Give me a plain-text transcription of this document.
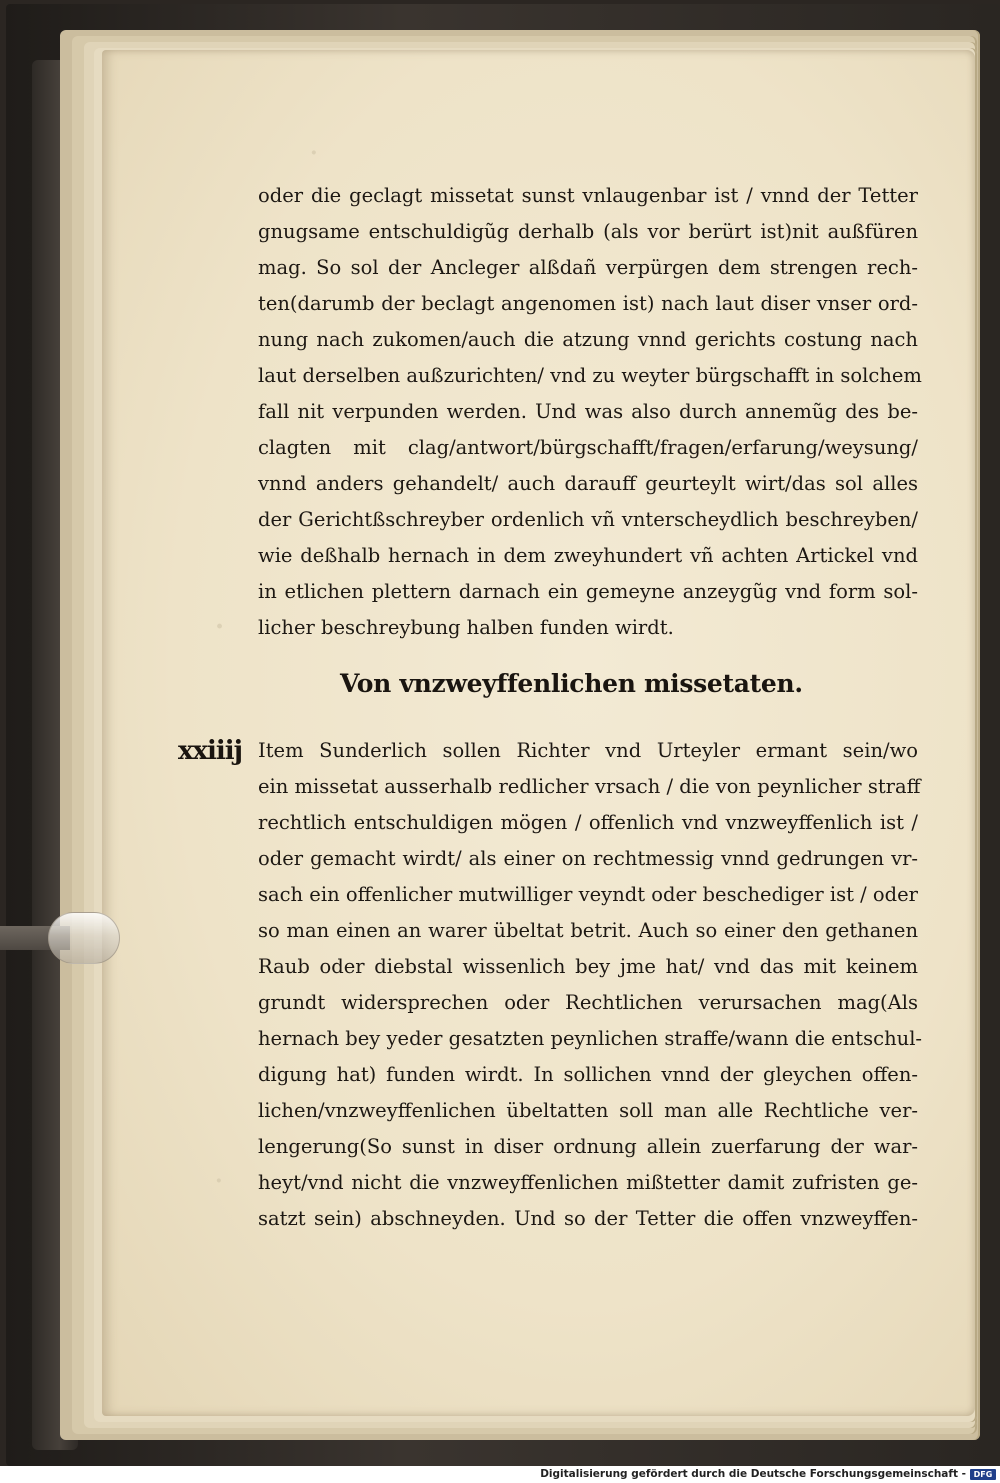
·
·
·

oder die geclagt missetat sunst vnlaugenbar ist / vnnd der Tetter

gnugsame entschuldigũg derhalb (als vor berürt ist)nit außfüren

mag. So sol der Ancleger alßdañ verpürgen dem strengen rech-

ten(darumb der beclagt angenomen ist) nach laut diser vnser ord-

nung nach zukomen/auch die atzung vnnd gerichts costung nach

laut derselben außzurichten/ vnd zu weyter bürgschafft in solchem

fall nit verpunden werden. Und was also durch annemũg des be-

clagten mit clag/antwort/bürgschafft/fragen/erfarung/weysung/

vnnd anders gehandelt/ auch darauff geurteylt wirt/das sol alles

der Gerichtßschreyber ordenlich vñ vnterscheydlich beschreyben/

wie deßhalb hernach in dem zweyhundert vñ achten Artickel vnd

in etlichen plettern darnach ein gemeyne anzeygũg vnd form sol-

licher beschreybung halben funden wirdt.

Von vnzweyffenlichen missetaten.

xxiiij Item Sunderlich sollen Richter vnd Urteyler ermant sein/wo

ein missetat ausserhalb redlicher vrsach / die von peynlicher straff

rechtlich entschuldigen mögen / offenlich vnd vnzweyffenlich ist /

oder gemacht wirdt/ als einer on rechtmessig vnnd gedrungen vr-

sach ein offenlicher mutwilliger veyndt oder beschediger ist / oder

so man einen an warer übeltat betrit. Auch so einer den gethanen

Raub oder diebstal wissenlich bey jme hat/ vnd das mit keinem

grundt widersprechen oder Rechtlichen verursachen mag(Als

hernach bey yeder gesatzten peynlichen straffe/wann die entschul-

digung hat) funden wirdt. In sollichen vnnd der gleychen offen-

lichen/vnzweyffenlichen übeltatten soll man alle Rechtliche ver-

lengerung(So sunst in diser ordnung allein zuerfarung der war-

heyt/vnd nicht die vnzweyffenlichen mißtetter damit zufristen ge-

satzt sein) abschneyden. Und so der Tetter die offen vnzweyffen-

Digitalisierung gefördert durch die Deutsche Forschungsgemeinschaft - DFG
